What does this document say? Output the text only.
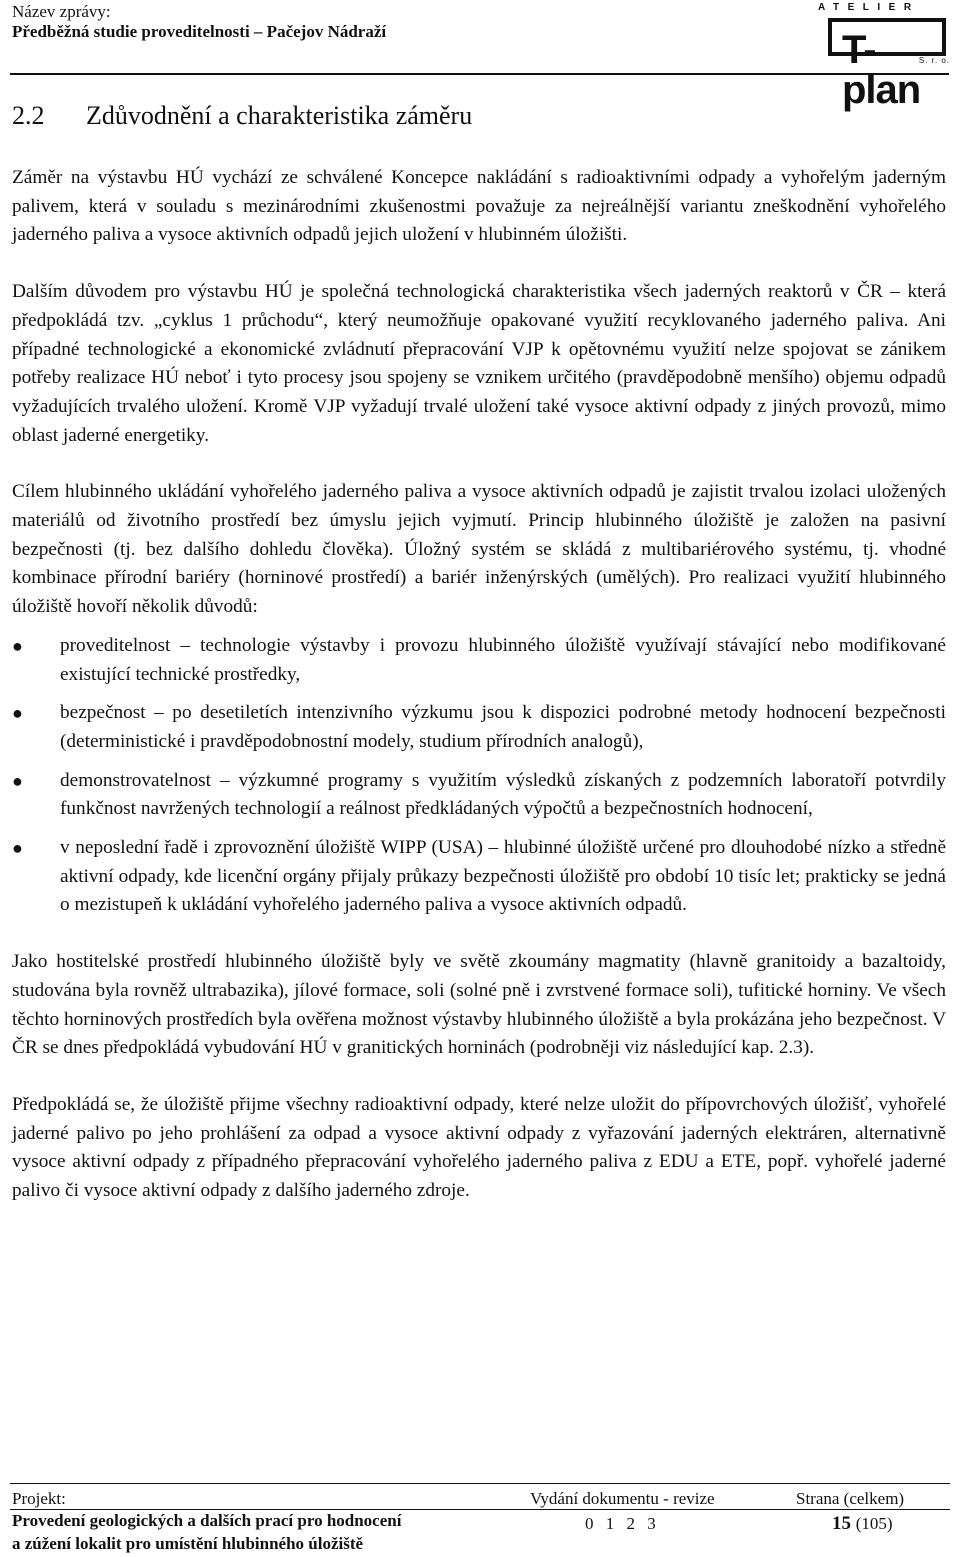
Název zprávy:
Předběžná studie proveditelnosti – Pačejov Nádraží
ATELIER
T-plan
S. r. o.
2.2 Zdůvodnění a charakteristika záměru

Záměr na výstavbu HÚ vychází ze schválené Koncepce nakládání s radioaktivními odpady a vyhořelým jaderným palivem, která v souladu s mezinárodními zkušenostmi považuje za nejreálnější variantu zneškodnění vyhořelého jaderného paliva a vysoce aktivních odpadů jejich uložení v hlubinném úložišti.

Dalším důvodem pro výstavbu HÚ je společná technologická charakteristika všech jaderných reaktorů v ČR – která předpokládá tzv. „cyklus 1 průchodu“, který neumožňuje opakované využití recyklovaného jaderného paliva. Ani případné technologické a ekonomické zvládnutí přepracování VJP k opětovnému využití nelze spojovat se zánikem potřeby realizace HÚ neboť i tyto procesy jsou spojeny se vznikem určitého (pravděpodobně menšího) objemu odpadů vyžadujících trvalého uložení. Kromě VJP vyžadují trvalé uložení také vysoce aktivní odpady z jiných provozů, mimo oblast jaderné energetiky.

Cílem hlubinného ukládání vyhořelého jaderného paliva a vysoce aktivních odpadů je zajistit trvalou izolaci uložených materiálů od životního prostředí bez úmyslu jejich vyjmutí. Princip hlubinného úložiště je založen na pasivní bezpečnosti (tj. bez dalšího dohledu člověka). Úložný systém se skládá z multibariérového systému, tj. vhodné kombinace přírodní bariéry (horninové prostředí) a bariér inženýrských (umělých). Pro realizaci využití hlubinného úložiště hovoří několik důvodů:

● proveditelnost – technologie výstavby i provozu hlubinného úložiště využívají stávající nebo modifikované existující technické prostředky,
● bezpečnost – po desetiletích intenzivního výzkumu jsou k dispozici podrobné metody hodnocení bezpečnosti (deterministické i pravděpodobnostní modely, studium přírodních analogů),
● demonstrovatelnost – výzkumné programy s využitím výsledků získaných z podzemních laboratoří potvrdily funkčnost navržených technologií a reálnost předkládaných výpočtů a bezpečnostních hodnocení,
● v neposlední řadě i zprovoznění úložiště WIPP (USA) – hlubinné úložiště určené pro dlouhodobé nízko a středně aktivní odpady, kde licenční orgány přijaly průkazy bezpečnosti úložiště pro období 10 tisíc let; prakticky se jedná o mezistupeň k ukládání vyhořelého jaderného paliva a vysoce aktivních odpadů.

Jako hostitelské prostředí hlubinného úložiště byly ve světě zkoumány magmatity (hlavně granitoidy a bazaltoidy, studována byla rovněž ultrabazika), jílové formace, soli (solné pně i zvrstvené formace soli), tufitické horniny. Ve všech těchto horninových prostředích byla ověřena možnost výstavby hlubinného úložiště a byla prokázána jeho bezpečnost. V ČR se dnes předpokládá vybudování HÚ v granitických horninách (podrobněji viz následující kap. 2.3).

Předpokládá se, že úložiště přijme všechny radioaktivní odpady, které nelze uložit do přípovrchových úložišť, vyhořelé jaderné palivo po jeho prohlášení za odpad a vysoce aktivní odpady z vyřazování jaderných elektráren, alternativně vysoce aktivní odpady z případného přepracování vyhořelého jaderného paliva z EDU a ETE, popř. vyhořelé jaderné palivo či vysoce aktivní odpady z dalšího jaderného zdroje.

Projekt:
Provedení geologických a dalších prací pro hodnocení
a zúžení lokalit pro umístění hlubinného úložiště
Vydání dokumentu - revize
0 1 2 3
Strana (celkem)
15 (105)
